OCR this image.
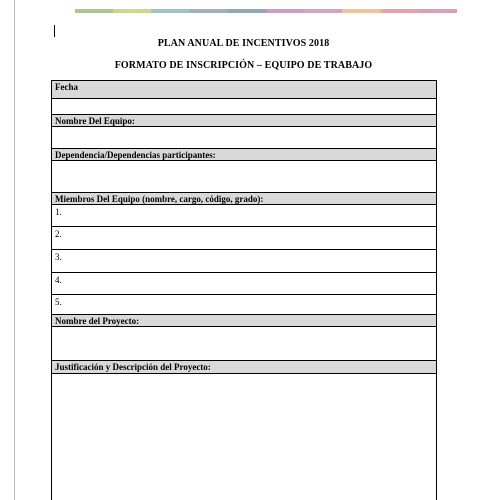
PLAN ANUAL DE INCENTIVOS 2018
FORMATO DE INSCRIPCIÓN – EQUIPO DE TRABAJO
Fecha
Nombre Del Equipo:
Dependencia/Dependencias participantes:
Miembros Del Equipo (nombre, cargo, código, grado):
1.
2.
3.
4.
5.
Nombre del Proyecto:
Justificación y Descripción del Proyecto:
